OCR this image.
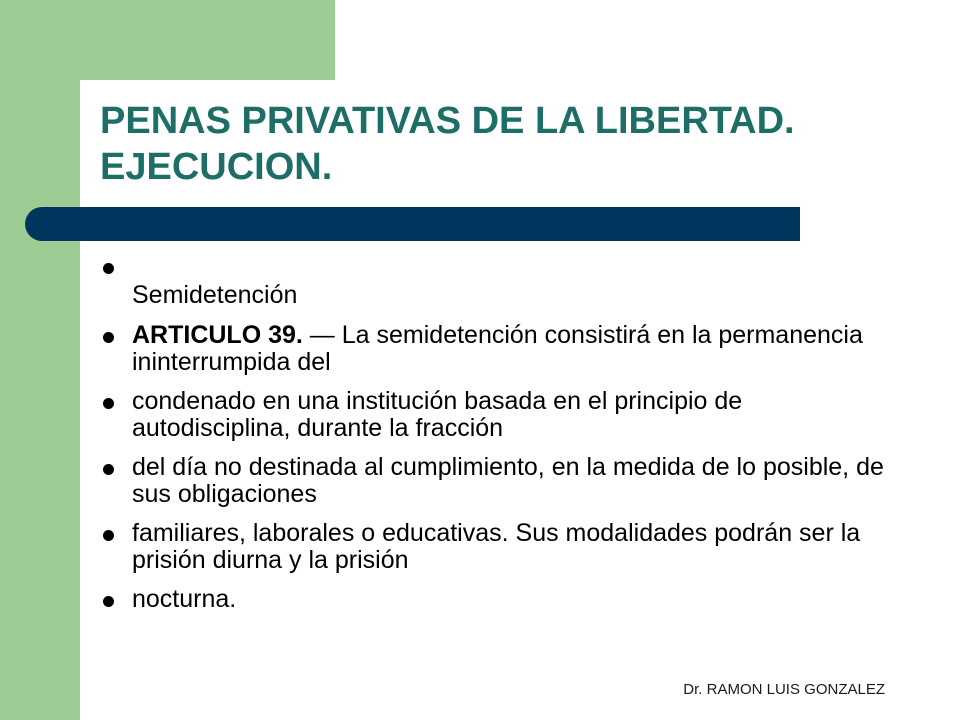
PENAS PRIVATIVAS DE LA LIBERTAD. EJECUCION.
Semidetención
ARTICULO 39. — La semidetención consistirá en la permanencia ininterrumpida del
condenado en una institución basada en el principio de autodisciplina, durante la fracción
del día no destinada al cumplimiento, en la medida de lo posible, de sus obligaciones
familiares, laborales o educativas. Sus modalidades podrán ser la prisión diurna y la prisión
nocturna.
Dr. RAMON LUIS GONZALEZ
